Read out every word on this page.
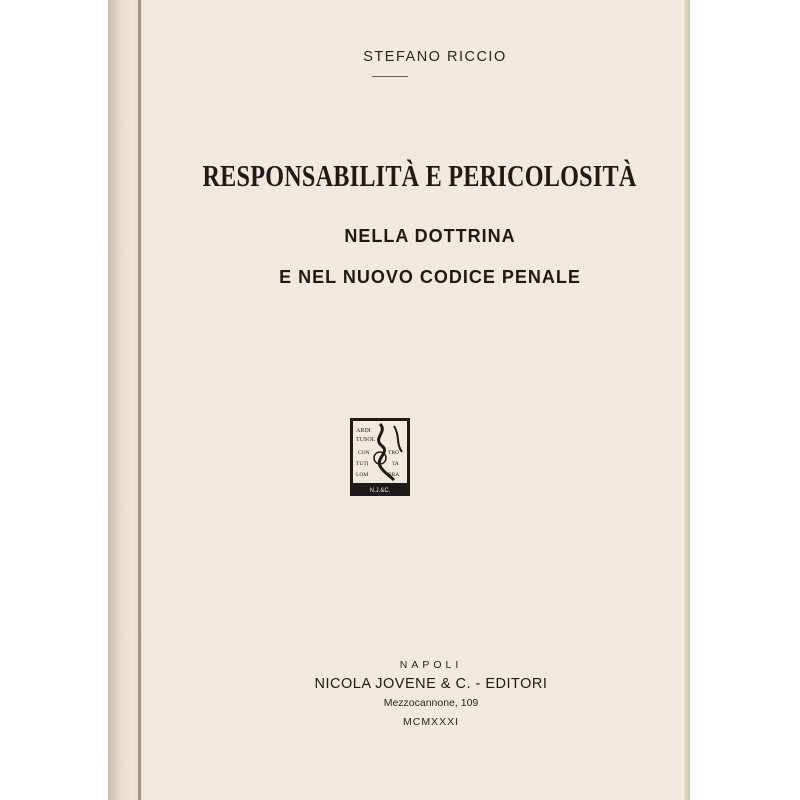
STEFANO RICCIO
RESPONSABILITÀ E PERICOLOSITÀ
NELLA DOTTRINA
E NEL NUOVO CODICE PENALE
ARDI
TUSOL
CON	TRO
TUTI	TA
LOM	BRA
N.J.&C.
NAPOLI
NICOLA JOVENE & C. - EDITORI
Mezzocannone, 109
MCMXXXI
